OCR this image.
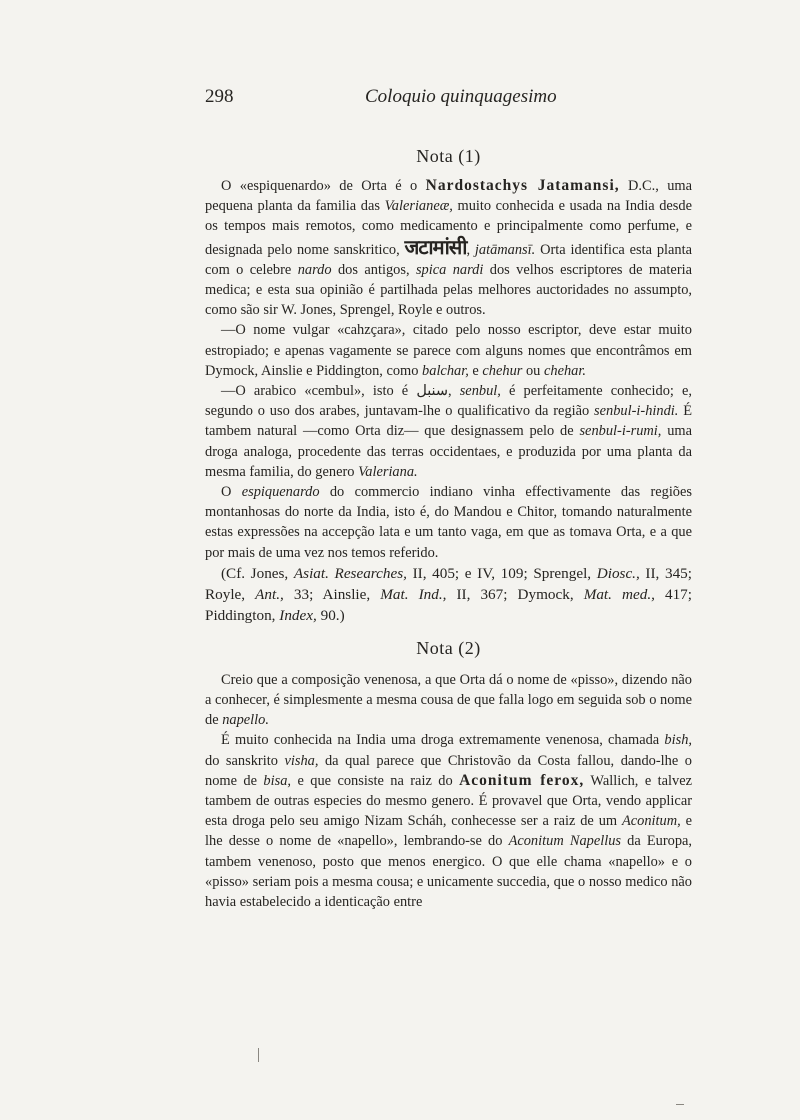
298	Coloquio quinquagesimo
Nota (1)

O «espiquenardo» de Orta é o Nardostachys Jatamansi, D.C., uma pequena planta da familia das Valerianeæ, muito conhecida e usada na India desde os tempos mais remotos, como medicamento e principalmente como perfume, e designada pelo nome sanskritico, जटामांसी, jatāmansī. Orta identifica esta planta com o celebre nardo dos antigos, spica nardi dos velhos escriptores de materia medica; e esta sua opinião é partilhada pelas melhores auctoridades no assumpto, como são sir W. Jones, Sprengel, Royle e outros.

—O nome vulgar «cahzçara», citado pelo nosso escriptor, deve estar muito estropiado; e apenas vagamente se parece com alguns nomes que encontrâmos em Dymock, Ainslie e Piddington, como balchar, e chehur ou chehar.

—O arabico «cembul», isto é سنبل, senbul, é perfeitamente conhecido; e, segundo o uso dos arabes, juntavam-lhe o qualificativo da região senbul-i-hindi. É tambem natural —como Orta diz— que designassem pelo de senbul-i-rumi, uma droga analoga, procedente das terras occidentaes, e produzida por uma planta da mesma familia, do genero Valeriana.

O espiquenardo do commercio indiano vinha effectivamente das regiões montanhosas do norte da India, isto é, do Mandou e Chitor, tomando naturalmente estas expressões na accepção lata e um tanto vaga, em que as tomava Orta, e a que por mais de uma vez nos temos referido.

(Cf. Jones, Asiat. Researches, II, 405; e IV, 109; Sprengel, Diosc., II, 345; Royle, Ant., 33; Ainslie, Mat. Ind., II, 367; Dymock, Mat. med., 417; Piddington, Index, 90.)

Nota (2)

Creio que a composição venenosa, a que Orta dá o nome de «pisso», dizendo não a conhecer, é simplesmente a mesma cousa de que falla logo em seguida sob o nome de napello.

É muito conhecida na India uma droga extremamente venenosa, chamada bish, do sanskrito visha, da qual parece que Christovão da Costa fallou, dando-lhe o nome de bisa, e que consiste na raiz do Aconitum ferox, Wallich, e talvez tambem de outras especies do mesmo genero. É provavel que Orta, vendo applicar esta droga pelo seu amigo Nizam Scháh, conhecesse ser a raiz de um Aconitum, e lhe desse o nome de «napello», lembrando-se do Aconitum Napellus da Europa, tambem venenoso, posto que menos energico. O que elle chama «napello» e o «pisso» seriam pois a mesma cousa; e unicamente succedia, que o nosso medico não havia estabelecido a identicação entre
